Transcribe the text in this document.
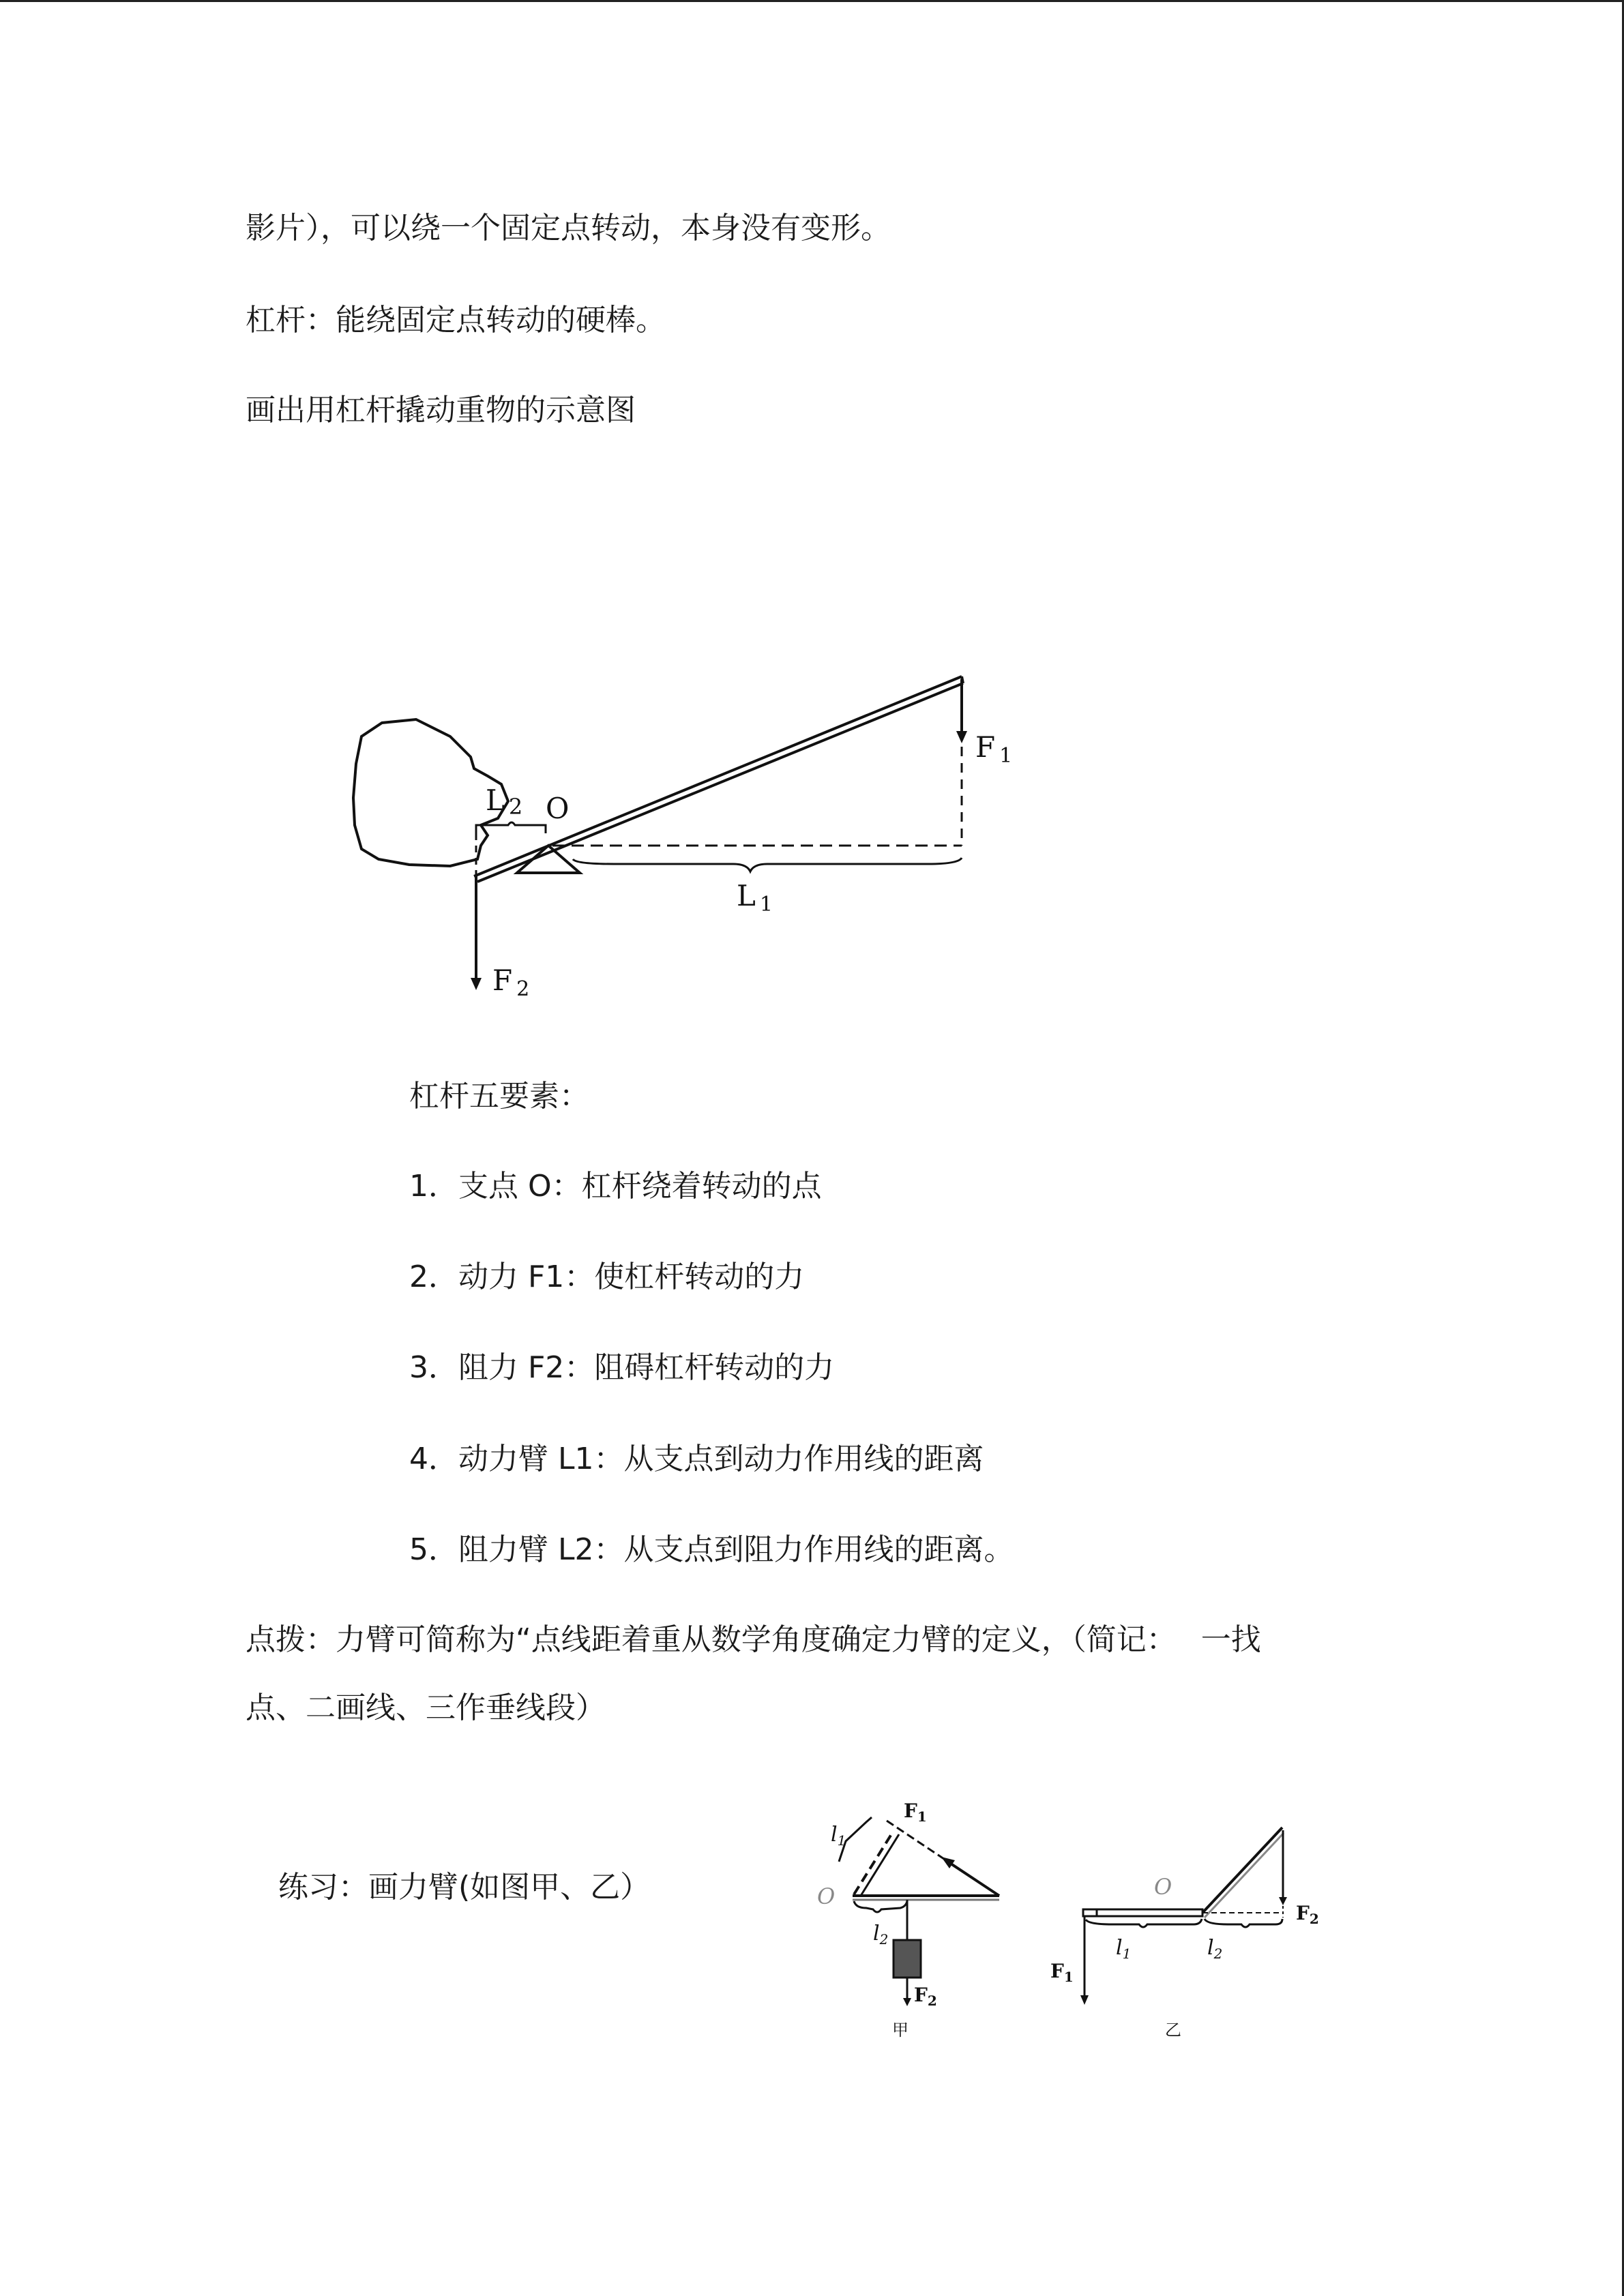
影片），可以绕一个固定点转动，本身没有变形。
杠杆：能绕固定点转动的硬棒。
画出用杠杆撬动重物的示意图
F 1
L 2 O
L 1
F 2
杠杆五要素：
1．支点 O：杠杆绕着转动的点
2．动力 F1：使杠杆转动的力
3．阻力 F2：阻碍杠杆转动的力
4．动力臂 L1：从支点到动力作用线的距离
5．阻力臂 L2：从支点到阻力作用线的距离。
点拨：力臂可简称为“点线距着重从数学角度确定力臂的定义，（简记：　 一找
点、二画线、三作垂线段）
练习：画力臂(如图甲、乙）
$l_1$
$F_1$
O
$l_2$
$F_2$
甲
O
$F_2$
$F_1$
$l_1$	$l_2$
乙
